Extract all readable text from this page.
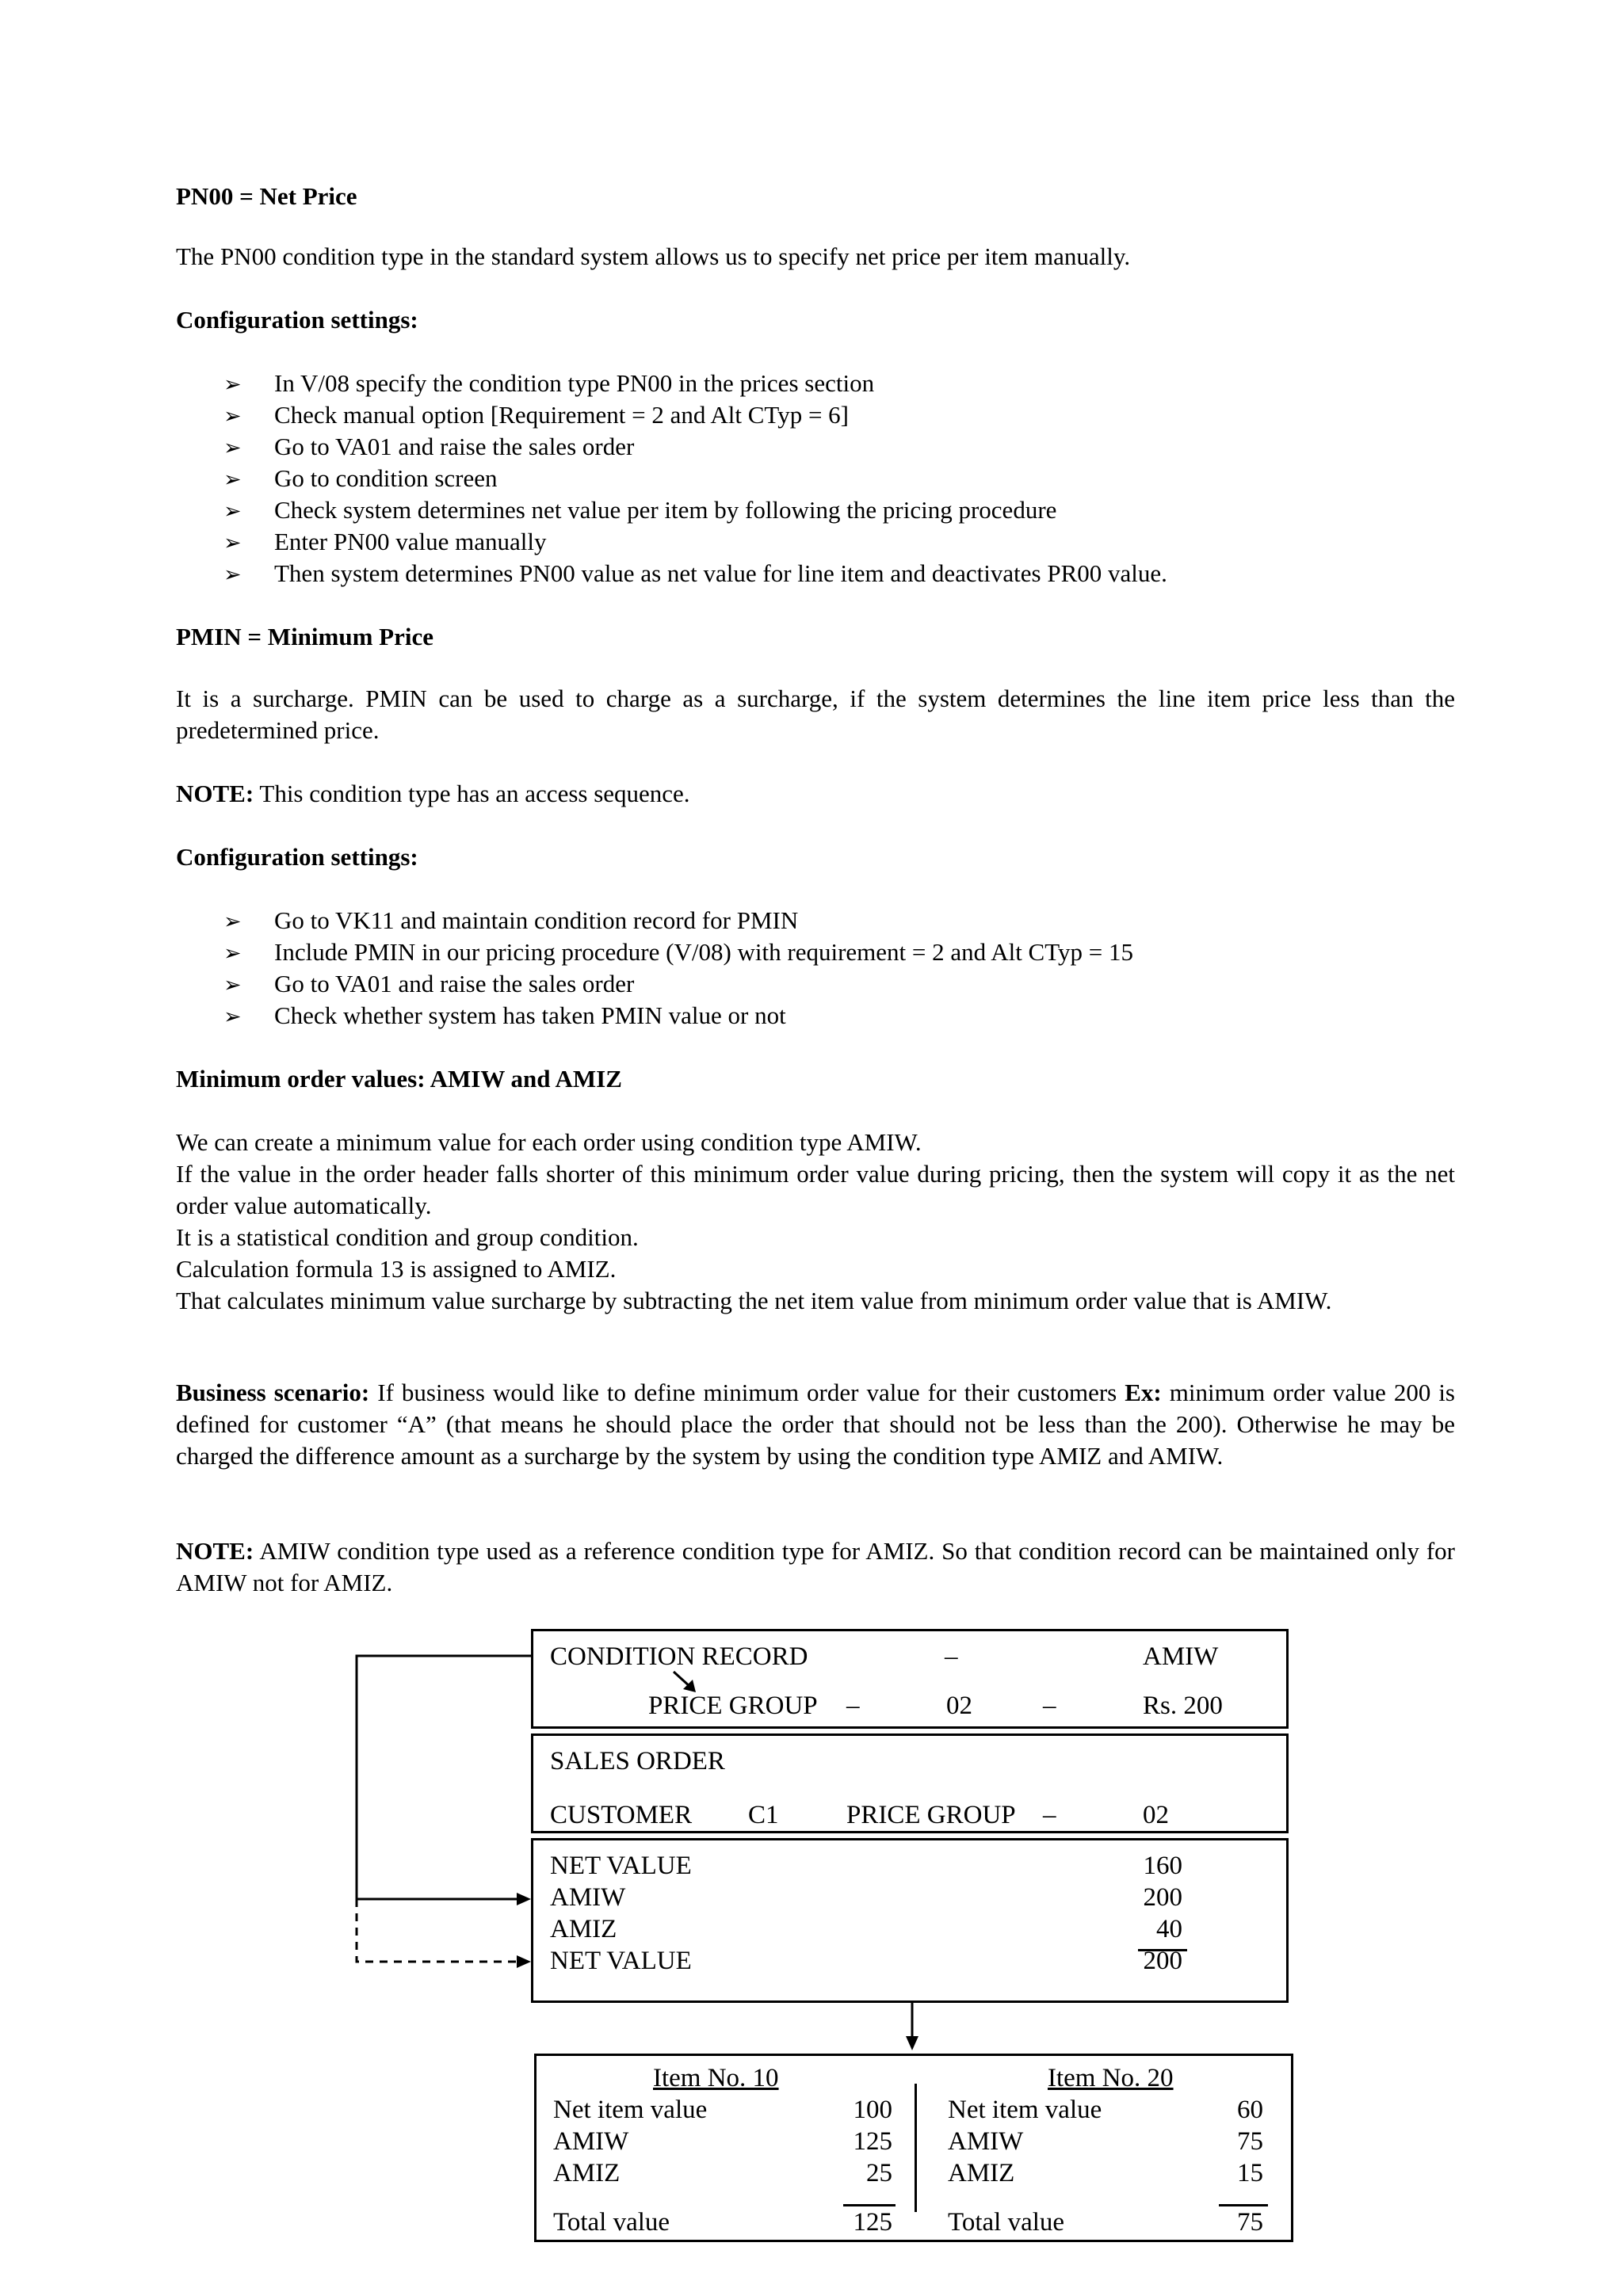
PN00 = Net Price
The PN00 condition type in the standard system allows us to specify net price per item manually.
Configuration settings:
➢ In V/08 specify the condition type PN00 in the prices section
➢ Check manual option [Requirement = 2 and Alt CTyp = 6]
➢ Go to VA01 and raise the sales order
➢ Go to condition screen
➢ Check system determines net value per item by following the pricing procedure
➢ Enter PN00 value manually
➢ Then system determines PN00 value as net value for line item and deactivates PR00 value.
PMIN = Minimum Price
It is a surcharge. PMIN can be used to charge as a surcharge, if the system determines the line item price less than the predetermined price.
NOTE: This condition type has an access sequence.
Configuration settings:
➢ Go to VK11 and maintain condition record for PMIN
➢ Include PMIN in our pricing procedure (V/08) with requirement = 2 and Alt CTyp = 15
➢ Go to VA01 and raise the sales order
➢ Check whether system has taken PMIN value or not
Minimum order values: AMIW and AMIZ
We can create a minimum value for each order using condition type AMIW.
If the value in the order header falls shorter of this minimum order value during pricing, then the system will copy it as the net order value automatically.
It is a statistical condition and group condition.
Calculation formula 13 is assigned to AMIZ.
That calculates minimum value surcharge by subtracting the net item value from minimum order value that is AMIW.
Business scenario: If business would like to define minimum order value for their customers Ex: minimum order value 200 is defined for customer “A” (that means he should place the order that should not be less than the 200). Otherwise he may be charged the difference amount as a surcharge by the system by using the condition type AMIZ and AMIW.
NOTE: AMIW condition type used as a reference condition type for AMIZ. So that condition record can be maintained only for AMIW not for AMIZ.
CONDITION RECORD	–	AMIW
PRICE GROUP –	02	–	Rs. 200
SALES ORDER
CUSTOMER C1	PRICE GROUP –	02
NET VALUE	160
AMIW	200
AMIZ	40
NET VALUE	200
Item No. 10
Net item value	100
AMIW	125
AMIZ	25
Total value	125
Item No. 20
Net item value	60
AMIW	75
AMIZ	15
Total value	75
